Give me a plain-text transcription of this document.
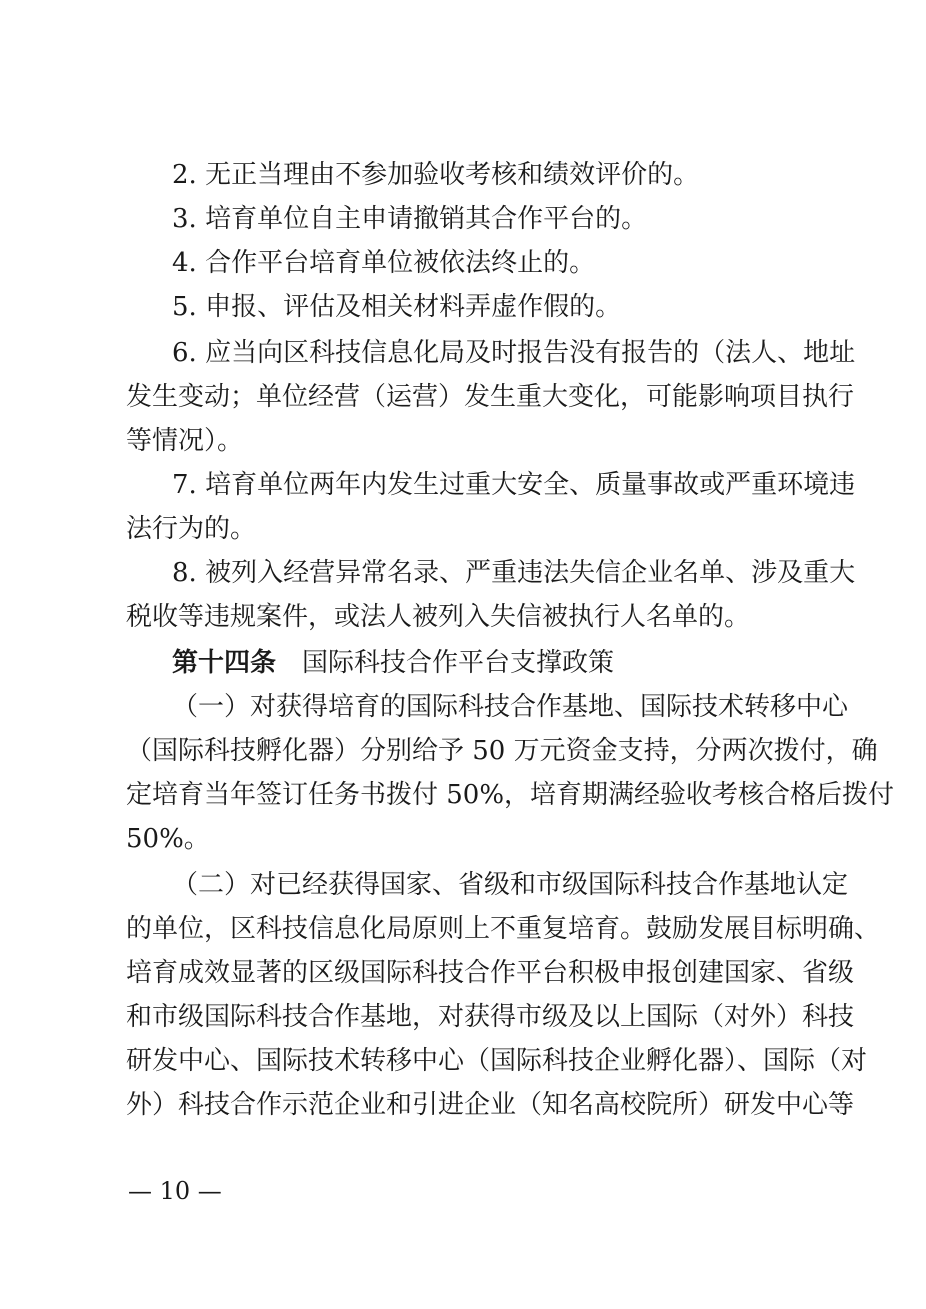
2. 无正当理由不参加验收考核和绩效评价的。
3. 培育单位自主申请撤销其合作平台的。
4. 合作平台培育单位被依法终止的。
5. 申报、评估及相关材料弄虚作假的。
6. 应当向区科技信息化局及时报告没有报告的（法人、地址
发生变动；单位经营（运营）发生重大变化，可能影响项目执行
等情况）。
7. 培育单位两年内发生过重大安全、质量事故或严重环境违
法行为的。
8. 被列入经营异常名录、严重违法失信企业名单、涉及重大
税收等违规案件，或法人被列入失信被执行人名单的。
第十四条 国际科技合作平台支撑政策
（一）对获得培育的国际科技合作基地、国际技术转移中心
（国际科技孵化器）分别给予 50 万元资金支持，分两次拨付，确
定培育当年签订任务书拨付 50%，培育期满经验收考核合格后拨付
50%。
（二）对已经获得国家、省级和市级国际科技合作基地认定
的单位，区科技信息化局原则上不重复培育。鼓励发展目标明确、
培育成效显著的区级国际科技合作平台积极申报创建国家、省级
和市级国际科技合作基地，对获得市级及以上国际（对外）科技
研发中心、国际技术转移中心（国际科技企业孵化器）、国际（对
外）科技合作示范企业和引进企业（知名高校院所）研发中心等
— 10 —
